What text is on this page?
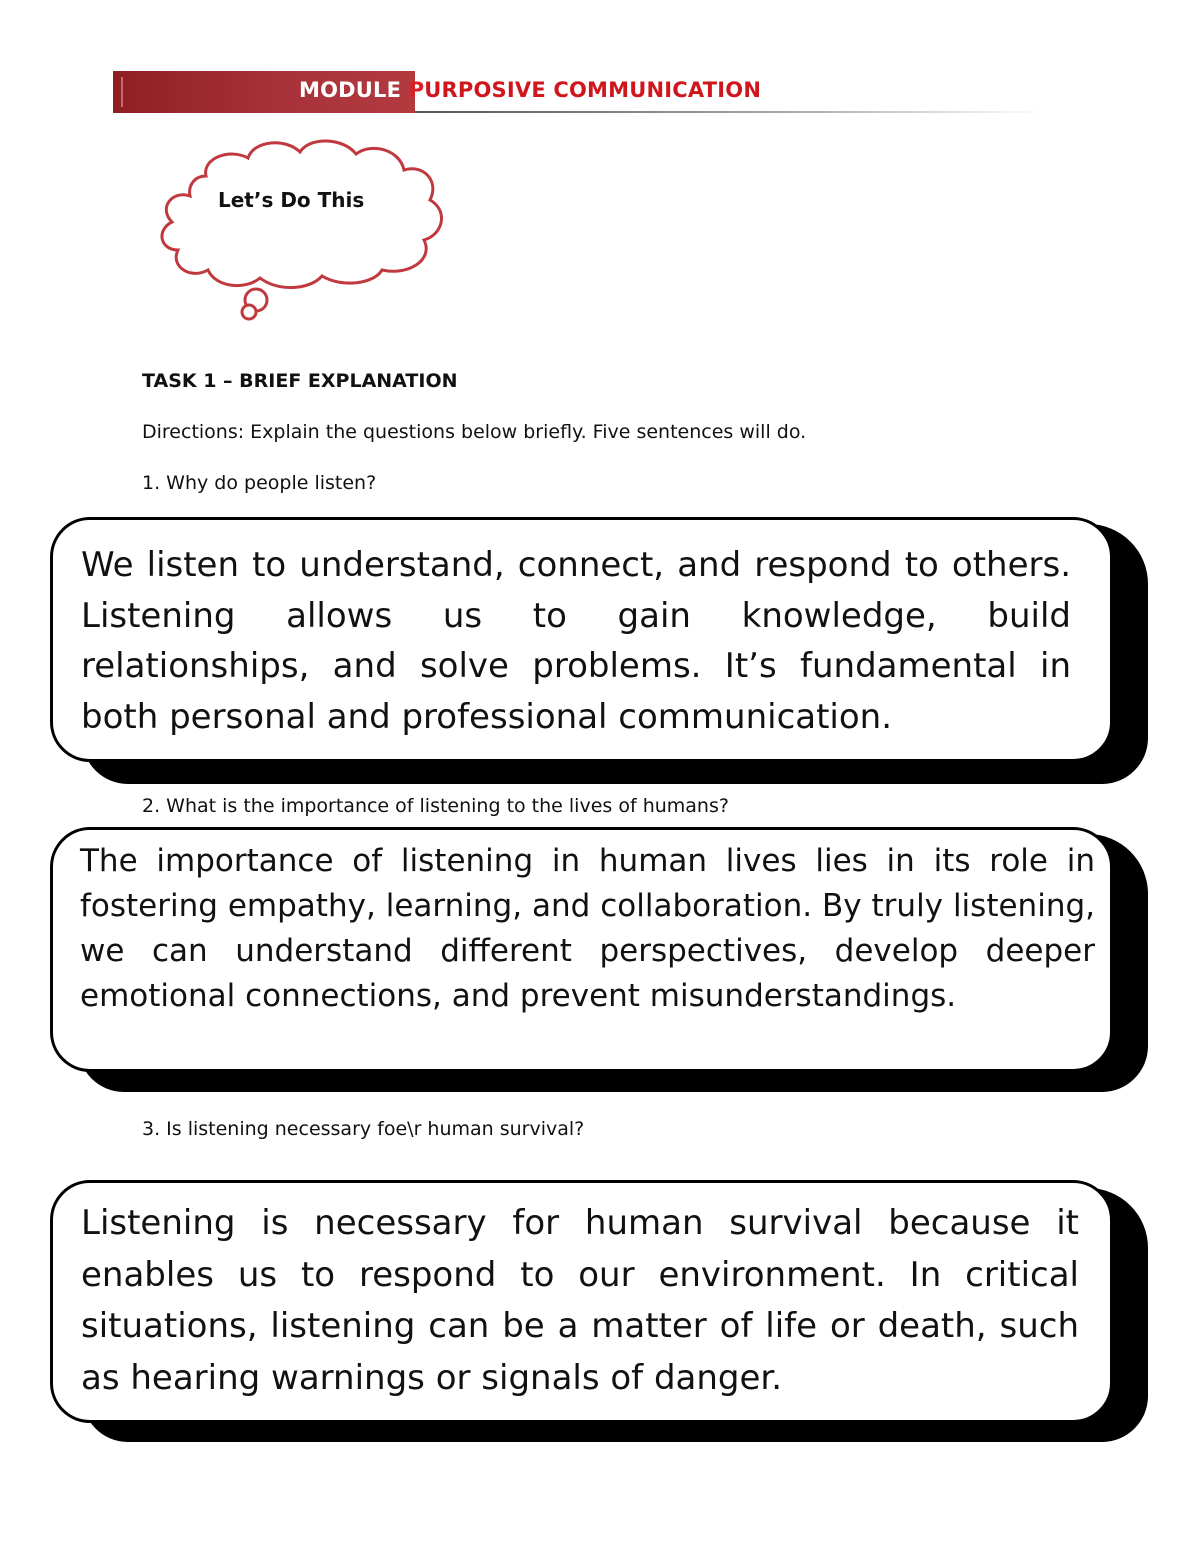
MODULE PURPOSIVE COMMUNICATION
Let’s Do This
TASK 1 – BRIEF EXPLANATION
Directions: Explain the questions below briefly. Five sentences will do.
1. Why do people listen?
We listen to understand, connect, and respond to others. Listening allows us to gain knowledge, build relationships, and solve problems. It’s fundamental in both personal and professional communication.
2. What is the importance of listening to the lives of humans?
The importance of listening in human lives lies in its role in fostering empathy, learning, and collaboration. By truly listening, we can understand different perspectives, develop deeper emotional connections, and prevent misunderstandings.
3. Is listening necessary foe\r human survival?
Listening is necessary for human survival because it enables us to respond to our environment. In critical situations, listening can be a matter of life or death, such as hearing warnings or signals of danger.
